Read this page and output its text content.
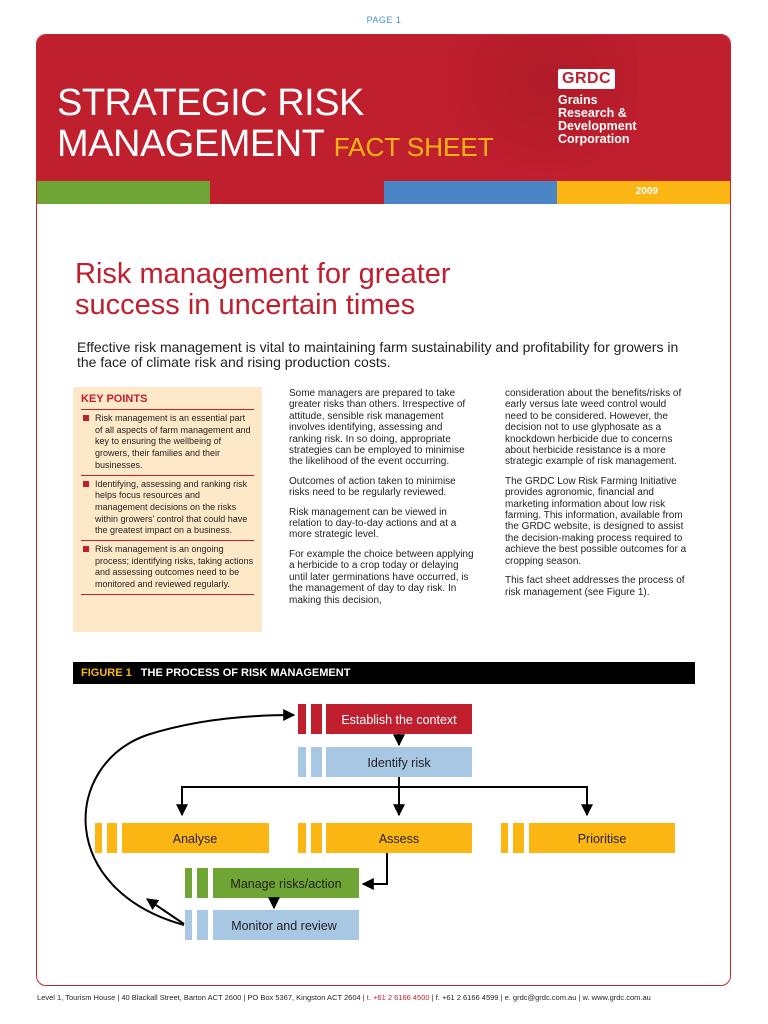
PAGE 1
STRATEGIC RISK
MANAGEMENT FACT SHEET
GRDC
Grains
Research &
Development
Corporation
2009
Risk management for greater
success in uncertain times

Effective risk management is vital to maintaining farm sustainability and profitability for growers in the face of climate risk and rising production costs.

KEY POINTS
Risk management is an essential part of all aspects of farm management and key to ensuring the wellbeing of growers, their families and their businesses.
Identifying, assessing and ranking risk helps focus resources and management decisions on the risks within growers' control that could have the greatest impact on a business.
Risk management is an ongoing process; identifying risks, taking actions and assessing outcomes need to be monitored and reviewed regularly.

Some managers are prepared to take greater risks than others. Irrespective of attitude, sensible risk management involves identifying, assessing and ranking risk. In so doing, appropriate strategies can be employed to minimise the likelihood of the event occurring.

Outcomes of action taken to minimise risks need to be regularly reviewed.

Risk management can be viewed in relation to day-to-day actions and at a more strategic level.

For example the choice between applying a herbicide to a crop today or delaying until later germinations have occurred, is the management of day to day risk. In making this decision,

consideration about the benefits/risks of early versus late weed control would need to be considered. However, the decision not to use glyphosate as a knockdown herbicide due to concerns about herbicide resistance is a more strategic example of risk management.

The GRDC Low Risk Farming Initiative provides agronomic, financial and marketing information about low risk farming. This information, available from the GRDC website, is designed to assist the decision-making process required to achieve the best possible outcomes for a cropping season.

This fact sheet addresses the process of risk management (see Figure 1).

FIGURE 1 THE PROCESS OF RISK MANAGEMENT
Establish the context
Identify risk
Analyse	Assess	Prioritise
Manage risks/action
Monitor and review
Level 1, Tourism House | 40 Blackall Street, Barton ACT 2600 | PO Box 5367, Kingston ACT 2604 | t. +61 2 6166 4500 | f. +61 2 6166 4599 | e. grdc@grdc.com.au | w. www.grdc.com.au
